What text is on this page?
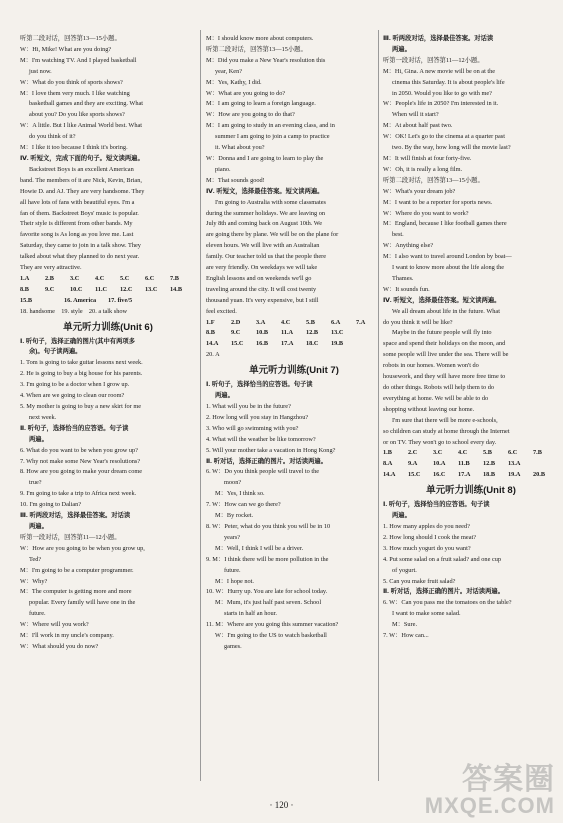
听第二段对话，回答第13—15小题。
W：Hi, Mike! What are you doing?
M：I'm watching TV. And I played basketball
just now.
W：What do you think of sports shows?
M：I love them very much. I like watching
basketball games and they are exciting. What
about you? Do you like sports shows?
W：A little. But I like Animal World best. What
do you think of it?
M：I like it too because I think it's boring.
Ⅳ. 听短文，完成下面的句子。短文读两遍。
Backstreet Boys is an excellent American
band. The members of it are Nick, Kevin, Brian,
Howie D. and AJ. They are very handsome. They
all have lots of fans with beautiful eyes. I'm a
fan of them. Backstreet Boys' music is popular.
Their style is different from other bands. My
favorite song is As long as you love me. Last
Saturday, they came to join in a talk show. They
talked about what they planned to do next year.
They are very attractive.
1.A	2.B	3.C	4.C	5.C	6.C	7.B
8.B	9.C	10.C	11.C	12.C	13.C	14.B
15.B	16. America	17. five/5
18. handsome　19. style　20. a talk show
单元听力训练(Unit 6)
Ⅰ. 听句子，选择正确的图片(其中有两项多
余)。句子读两遍。
1. Tom is going to take guitar lessons next week.
2. He is going to buy a big house for his parents.
3. I'm going to be a doctor when I grow up.
4. When are we going to clean our room?
5. My mother is going to buy a new skirt for me
next week.
Ⅱ. 听句子，选择恰当的应答语。句子读
两遍。
6. What do you want to be when you grow up?
7. Why not make some New Year's resolutions?
8. How are you going to make your dream come
true?
9. I'm going to take a trip to Africa next week.
10. I'm going to Dalian?
Ⅲ. 听两段对话，选择最佳答案。对话读
两遍。
听第一段对话，回答第11—12小题。
W：How are you going to be when you grow up,
Ted?
M：I'm going to be a computer programmer.
W：Why?
M：The computer is getting more and more
popular. Every family will have one in the
future.
W：Where will you work?
M：I'll work in my uncle's company.
W：What should you do now?
M：I should know more about computers.
听第二段对话，回答第13—15小题。
M：Did you make a New Year's resolution this
year, Ken?
M：Yes, Kathy, I did.
W：What are you going to do?
M：I am going to learn a foreign language.
W：How are you going to do that?
M：I am going to study in an evening class, and in
summer I am going to join a camp to practice
it. What about you?
W：Donna and I are going to learn to play the
piano.
M：That sounds good!
Ⅳ. 听短文，选择最佳答案。短文读两遍。
I'm going to Australia with some classmates
during the summer holidays. We are leaving on
July 8th and coming back on August 10th. We
are going there by plane. We will be on the plane for
eleven hours. We will live with an Australian
family. Our teacher told us that the people there
are very friendly. On weekdays we will take
English lessons and on weekends we'll go
traveling around the city. It will cost twenty
thousand yuan. It's very expensive, but I still
feel excited.
1.F	2.D	3.A	4.C	5.B	6.A	7.A
8.B	9.C	10.B	11.A	12.B	13.C
14.A	15.C	16.B	17.A	18.C	19.B
20. A
单元听力训练(Unit 7)
Ⅰ. 听句子，选择恰当的应答语。句子读
两遍。
1. What will you be in the future?
2. How long will you stay in Hangzhou?
3. Who will go swimming with you?
4. What will the weather be like tomorrow?
5. Will your mother take a vacation in Hong Kong?
Ⅱ. 听对话，选择正确的图片。对话读两遍。
6. W：Do you think people will travel to the
moon?
M：Yes, I think so.
7. W：How can we go there?
M：By rocket.
8. W：Peter, what do you think you will be in 10
years?
M：Well, I think I will be a driver.
9. M：I think there will be more pollution in the
future.
M：I hope not.
10. W：Hurry up. You are late for school today.
M：Mum, it's just half past seven. School
starts in half an hour.
11. M：Where are you going this summer vacation?
W：I'm going to the US to watch basketball
games.
Ⅲ. 听两段对话，选择最佳答案。对话读
两遍。
听第一段对话，回答第11—12小题。
M：Hi, Gina. A new movie will be on at the
cinema this Saturday. It is about people's life
in 2050. Would you like to go with me?
W：People's life in 2050? I'm interested in it.
When will it start?
M：At about half past two.
W：OK! Let's go to the cinema at a quarter past
two. By the way, how long will the movie last?
M：It will finish at four forty-five.
W：Oh, it is really a long film.
听第二段对话，回答第13—15小题。
W：What's your dream job?
M：I want to be a reporter for sports news.
W：Where do you want to work?
M：England, because I like football games there
best.
W：Anything else?
M：I also want to travel around London by boat—
I want to know more about the life along the
Thames.
W：It sounds fun.
Ⅳ. 听短文，选择最佳答案。短文读两遍。
We all dream about life in the future. What
do you think it will be like?
Maybe in the future people will fly into
space and spend their holidays on the moon, and
some people will live under the sea. There will be
robots in our homes. Women won't do
housework, and they will have more free time to
do other things. Robots will help them to do
everything at home. We will be able to do
shopping without leaving our home.
I'm sure that there will be more e-schools,
so children can study at home through the Internet
or on TV. They won't go to school every day.
1.B	2.C	3.C	4.C	5.B	6.C	7.B
8.A	9.A	10.A	11.B	12.B	13.A
14.A	15.C	16.C	17.A	18.B	19.A	20.B
单元听力训练(Unit 8)
Ⅰ. 听句子，选择恰当的应答语。句子读
两遍。
1. How many apples do you need?
2. How long should I cook the meat?
3. How much yogurt do you want?
4. Put some salad on a fruit salad? and one cup
of yogurt.
5. Can you make fruit salad?
Ⅱ. 听对话，选择正确的图片。对话读两遍。
6. W：Can you pass me the tomatoes on the table?
I want to make some salad.
M：Sure.
7. W：How can...
· 120 ·
答案圈
MXQE.COM
